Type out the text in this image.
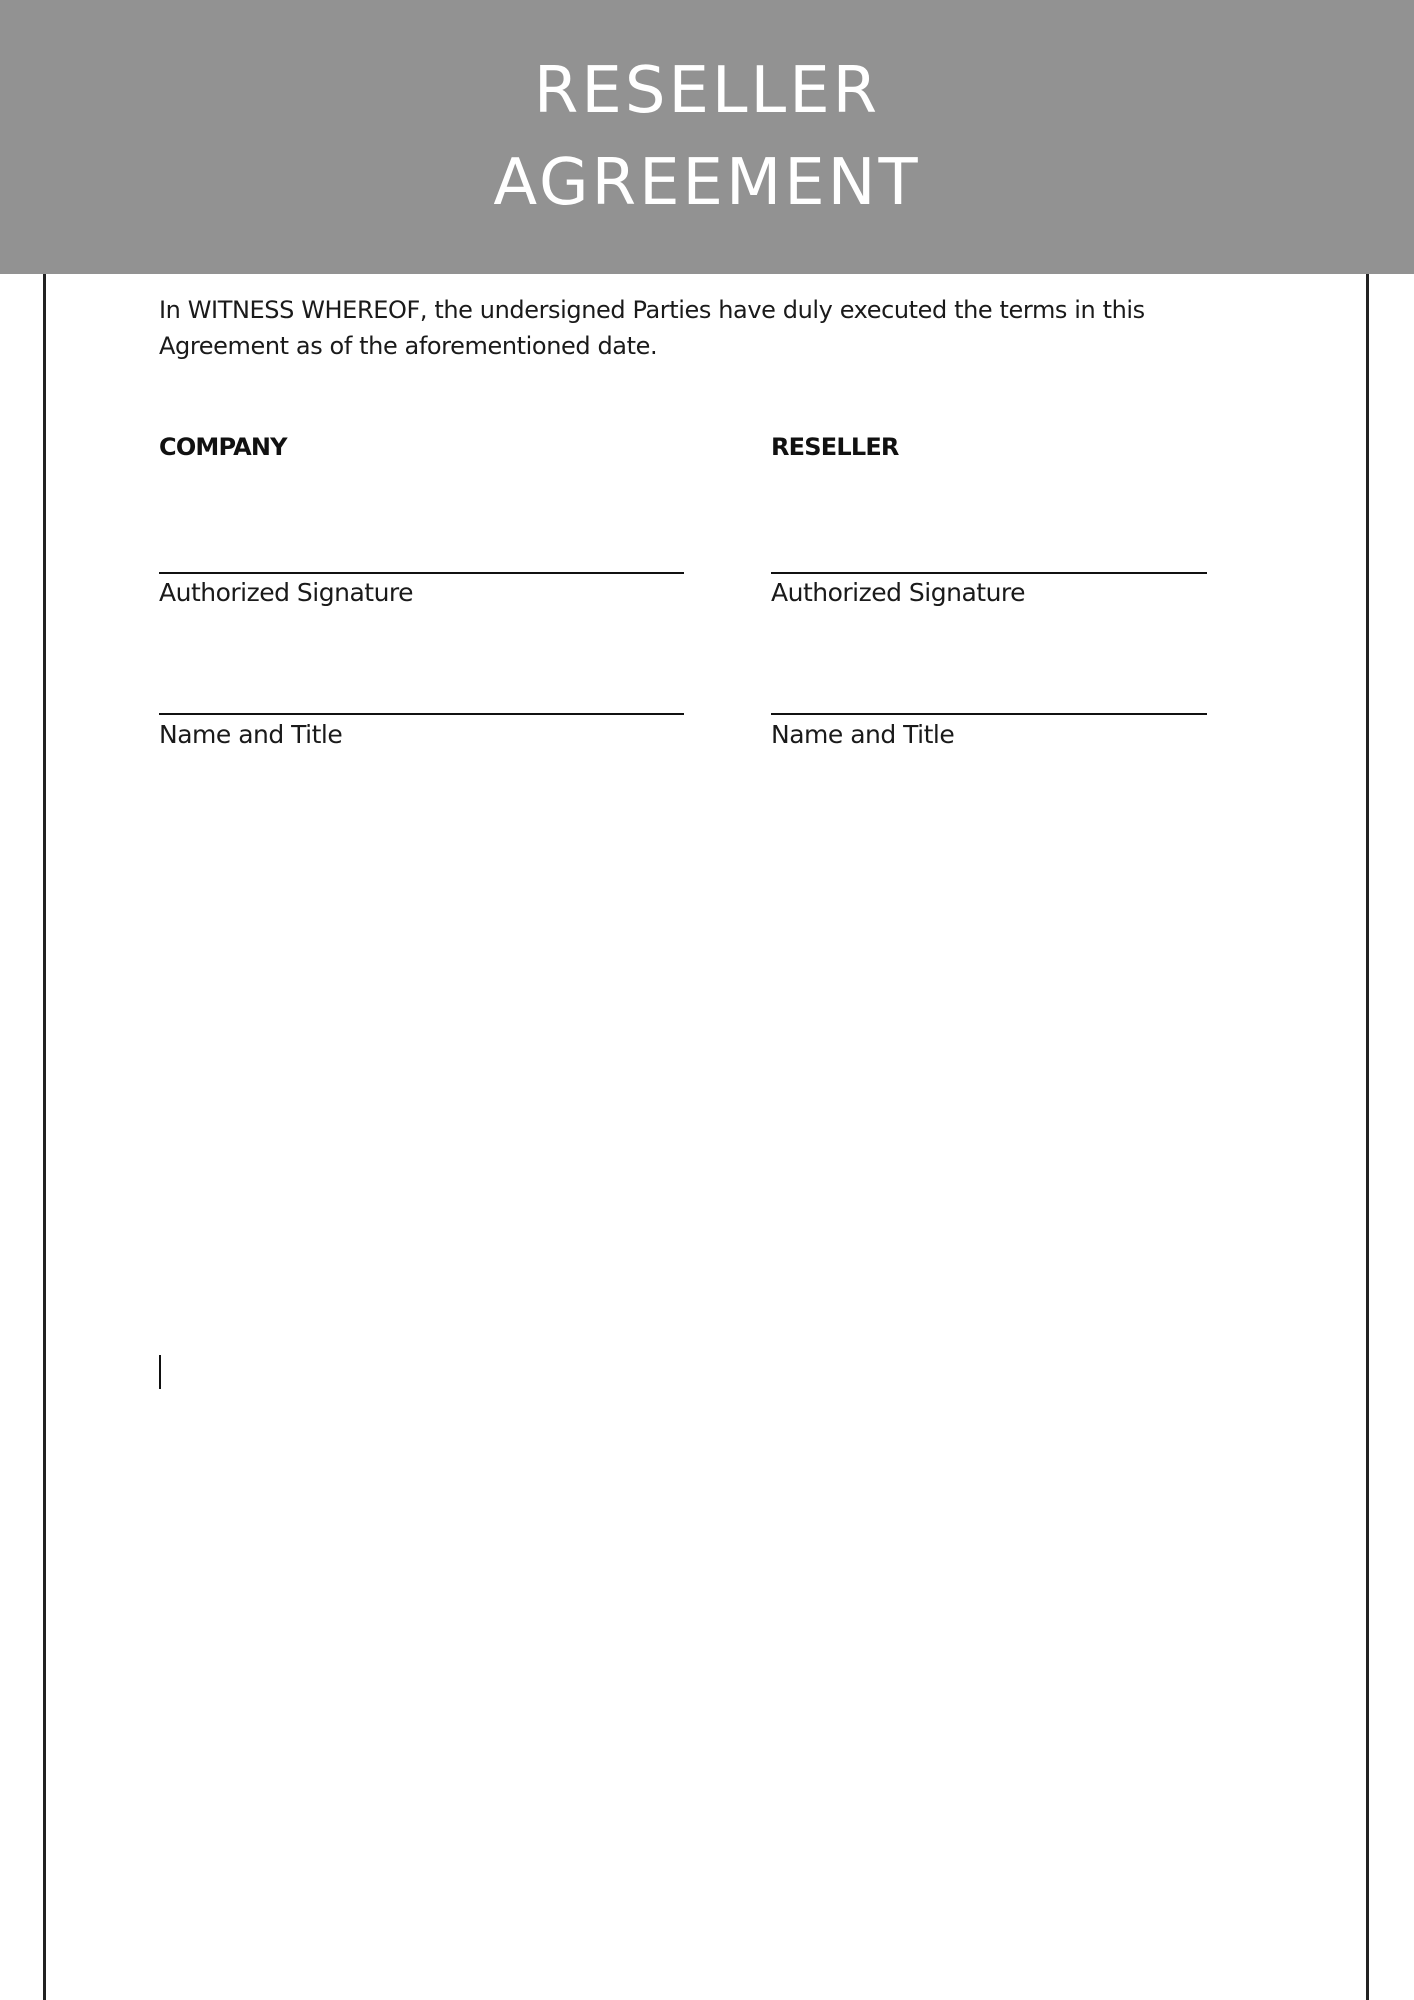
RESELLER
AGREEMENT
In WITNESS WHEREOF, the undersigned Parties have duly executed the terms in this
Agreement as of the aforementioned date.
COMPANY
Authorized Signature
Name and Title
RESELLER
Authorized Signature
Name and Title
